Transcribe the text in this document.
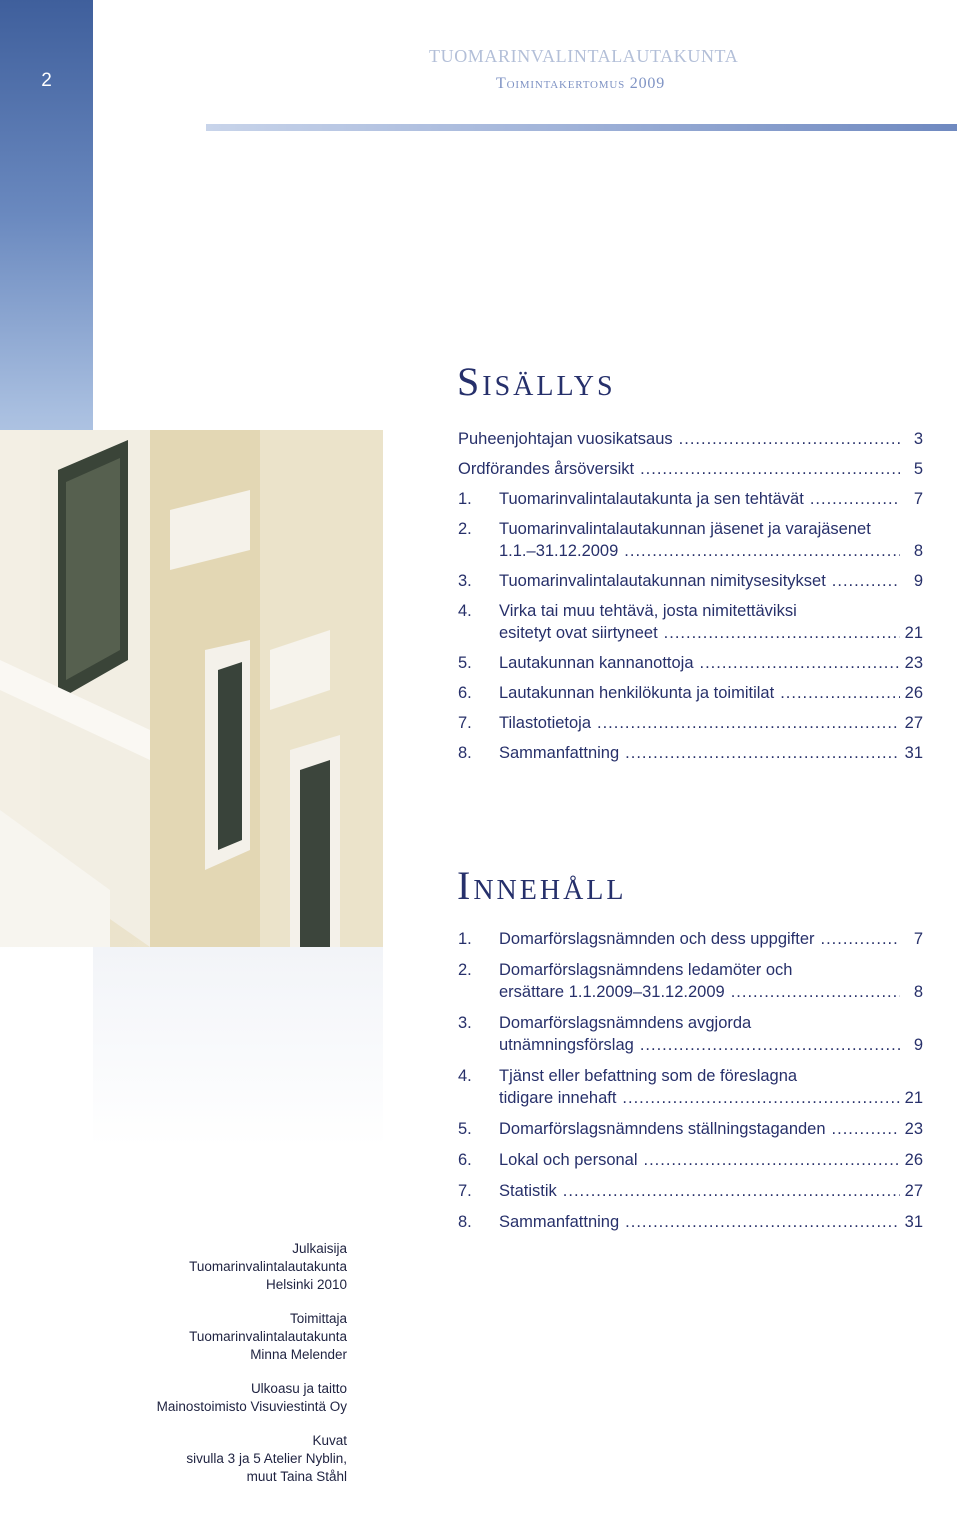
2
TUOMARINVALINTALAUTAKUNTA
Toimintakertomus 2009
Sisällys
Puheenjohtajan vuosikatsaus .....	3
Ordförandes årsöversikt .....	5
1.	Tuomarinvalintalautakunta ja sen tehtävät .....	7
2.	Tuomarinvalintalautakunnan jäsenet ja varajäsenet
1.1.–31.12.2009 .....	8
3.	Tuomarinvalintalautakunnan nimitysesitykset .....	9
4.	Virka tai muu tehtävä, josta nimitettäviksi
esitetyt ovat siirtyneet .....	21
5.	Lautakunnan kannanottoja .....	23
6.	Lautakunnan henkilökunta ja toimitilat .....	26
7.	Tilastotietoja .....	27
8.	Sammanfattning .....	31
Innehåll
1.	Domarförslagsnämnden och dess uppgifter .....	7
2.	Domarförslagsnämndens ledamöter och
ersättare 1.1.2009–31.12.2009 .....	8
3.	Domarförslagsnämndens avgjorda
utnämningsförslag .....	9
4.	Tjänst eller befattning som de föreslagna
tidigare innehaft .....	21
5.	Domarförslagsnämndens ställningstaganden .....	23
6.	Lokal och personal .....	26
7.	Statistik .....	27
8.	Sammanfattning .....	31
Julkaisija
Tuomarinvalintalautakunta
Helsinki 2010
Toimittaja
Tuomarinvalintalautakunta
Minna Melender
Ulkoasu ja taitto
Mainostoimisto Visuviestintä Oy
Kuvat
sivulla 3 ja 5 Atelier Nyblin,
muut Taina Ståhl
